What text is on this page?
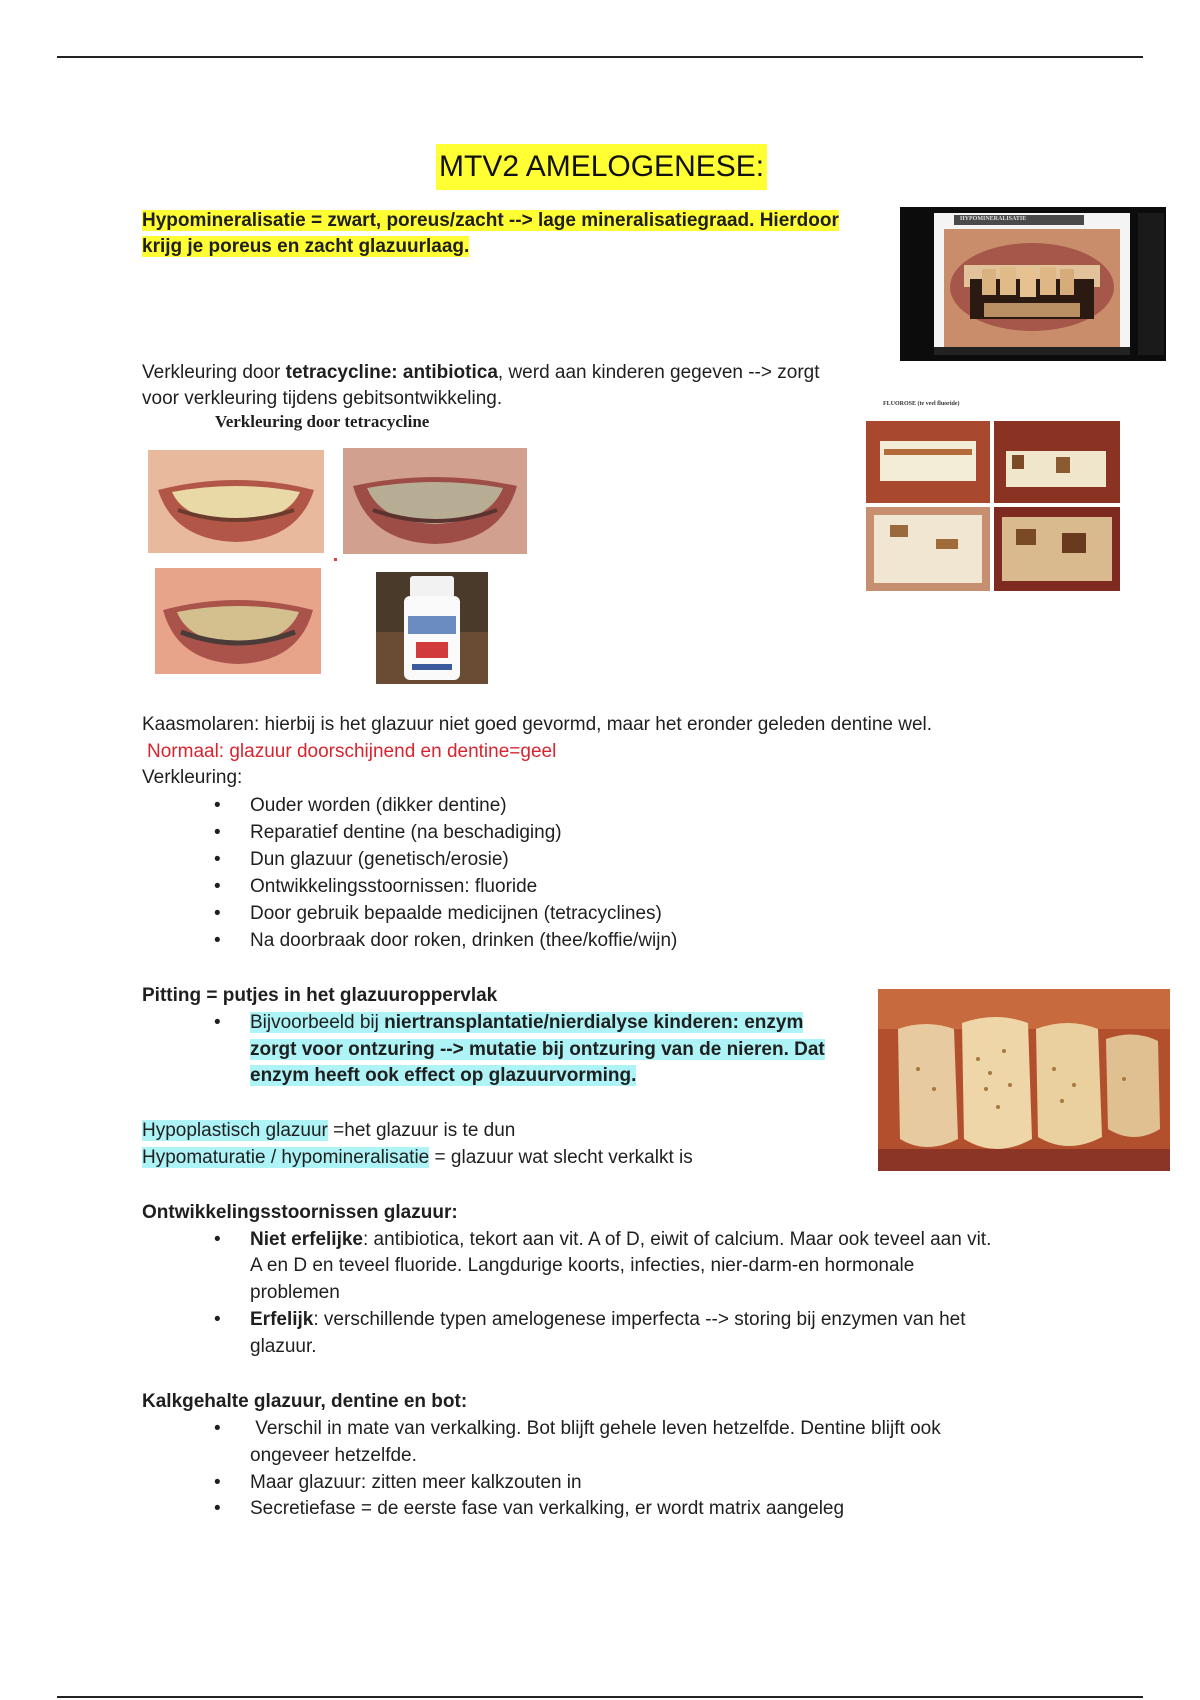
MTV2 AMELOGENESE:
Hypomineralisatie = zwart, poreus/zacht --> lage mineralisatiegraad. Hierdoor
krijg je poreus en zacht glazuurlaag.
HYPOMINERALISATIE
Verkleuring door tetracycline: antibiotica, werd aan kinderen gegeven --> zorgt
voor verkleuring tijdens gebitsontwikkeling.
Verkleuring door tetracycline
FLUOROSE (te veel fluoride)
Kaasmolaren: hierbij is het glazuur niet goed gevormd, maar het eronder geleden dentine wel.
Normaal: glazuur doorschijnend en dentine=geel
Verkleuring:
• Ouder worden (dikker dentine)
• Reparatief dentine (na beschadiging)
• Dun glazuur (genetisch/erosie)
• Ontwikkelingsstoornissen: fluoride
• Door gebruik bepaalde medicijnen (tetracyclines)
• Na doorbraak door roken, drinken (thee/koffie/wijn)
Pitting = putjes in het glazuuroppervlak
• Bijvoorbeeld bij niertransplantatie/nierdialyse kinderen: enzym
zorgt voor ontzuring --> mutatie bij ontzuring van de nieren. Dat
enzym heeft ook effect op glazuurvorming.
Hypoplastisch glazuur =het glazuur is te dun
Hypomaturatie / hypomineralisatie = glazuur wat slecht verkalkt is
Ontwikkelingsstoornissen glazuur:
• Niet erfelijke: antibiotica, tekort aan vit. A of D, eiwit of calcium. Maar ook teveel aan vit.
A en D en teveel fluoride. Langdurige koorts, infecties, nier-darm-en hormonale
problemen
• Erfelijk: verschillende typen amelogenese imperfecta --> storing bij enzymen van het
glazuur.
Kalkgehalte glazuur, dentine en bot:
• Verschil in mate van verkalking. Bot blijft gehele leven hetzelfde. Dentine blijft ook
ongeveer hetzelfde.
• Maar glazuur: zitten meer kalkzouten in
• Secretiefase = de eerste fase van verkalking, er wordt matrix aangeleg
